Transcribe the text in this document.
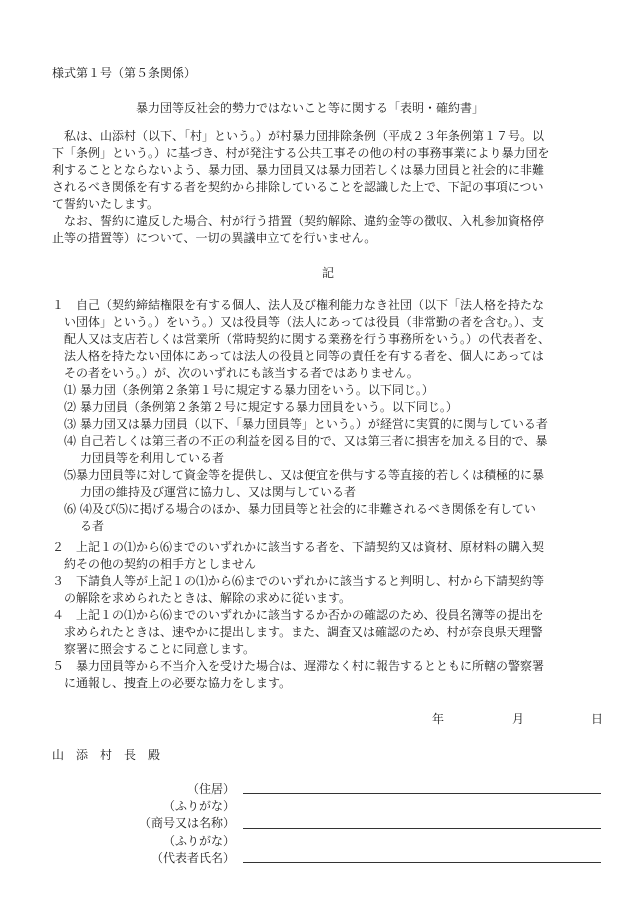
様式第１号（第５条関係）
暴力団等反社会的勢力ではないこと等に関する「表明・確約書」
私は、山添村（以下、「村」という。）が村暴力団排除条例（平成２３年条例第１７号。以
下「条例」という。）に基づき、村が発注する公共工事その他の村の事務事業により暴力団を
利することとならないよう、暴力団、暴力団員又は暴力団若しくは暴力団員と社会的に非難
されるべき関係を有する者を契約から排除していることを認識した上で、下記の事項につい
て誓約いたします。
なお、誓約に違反した場合、村が行う措置（契約解除、違約金等の徴収、入札参加資格停
止等の措置等）について、一切の異議申立てを行いません。
記
１　自己（契約締結権限を有する個人、法人及び権利能力なき社団（以下「法人格を持たな
い団体」という。）をいう。）又は役員等（法人にあっては役員（非常勤の者を含む。）、支
配人又は支店若しくは営業所（常時契約に関する業務を行う事務所をいう。）の代表者を、
法人格を持たない団体にあっては法人の役員と同等の責任を有する者を、個人にあっては
その者をいう。）が、次のいずれにも該当する者ではありません。
⑴ 暴力団（条例第２条第１号に規定する暴力団をいう。以下同じ。）
⑵ 暴力団員（条例第２条第２号に規定する暴力団員をいう。以下同じ。）
⑶ 暴力団又は暴力団員（以下、「暴力団員等」という。）が経営に実質的に関与している者
⑷ 自己若しくは第三者の不正の利益を図る目的で、又は第三者に損害を加える目的で、暴
力団員等を利用している者
⑸暴力団員等に対して資金等を提供し、又は便宜を供与する等直接的若しくは積極的に暴
力団の維持及び運営に協力し、又は関与している者
⑹ ⑷及び⑸に掲げる場合のほか、暴力団員等と社会的に非難されるべき関係を有してい
る者
２　上記１の⑴から⑹までのいずれかに該当する者を、下請契約又は資材、原材料の購入契
約その他の契約の相手方としません
３　下請負人等が上記１の⑴から⑹までのいずれかに該当すると判明し、村から下請契約等
の解除を求められたときは、解除の求めに従います。
４　上記１の⑴から⑹までのいずれかに該当するか否かの確認のため、役員名簿等の提出を
求められたときは、速やかに提出します。また、調査又は確認のため、村が奈良県天理警
察署に照会することに同意します。
５　暴力団員等から不当介入を受けた場合は、遅滞なく村に報告するとともに所轄の警察署
に通報し、捜査上の必要な協力をします。
年	月	日
山　添　村　長　殿
（住居）
（ふりがな）
（商号又は名称）
（ふりがな）
（代表者氏名）
